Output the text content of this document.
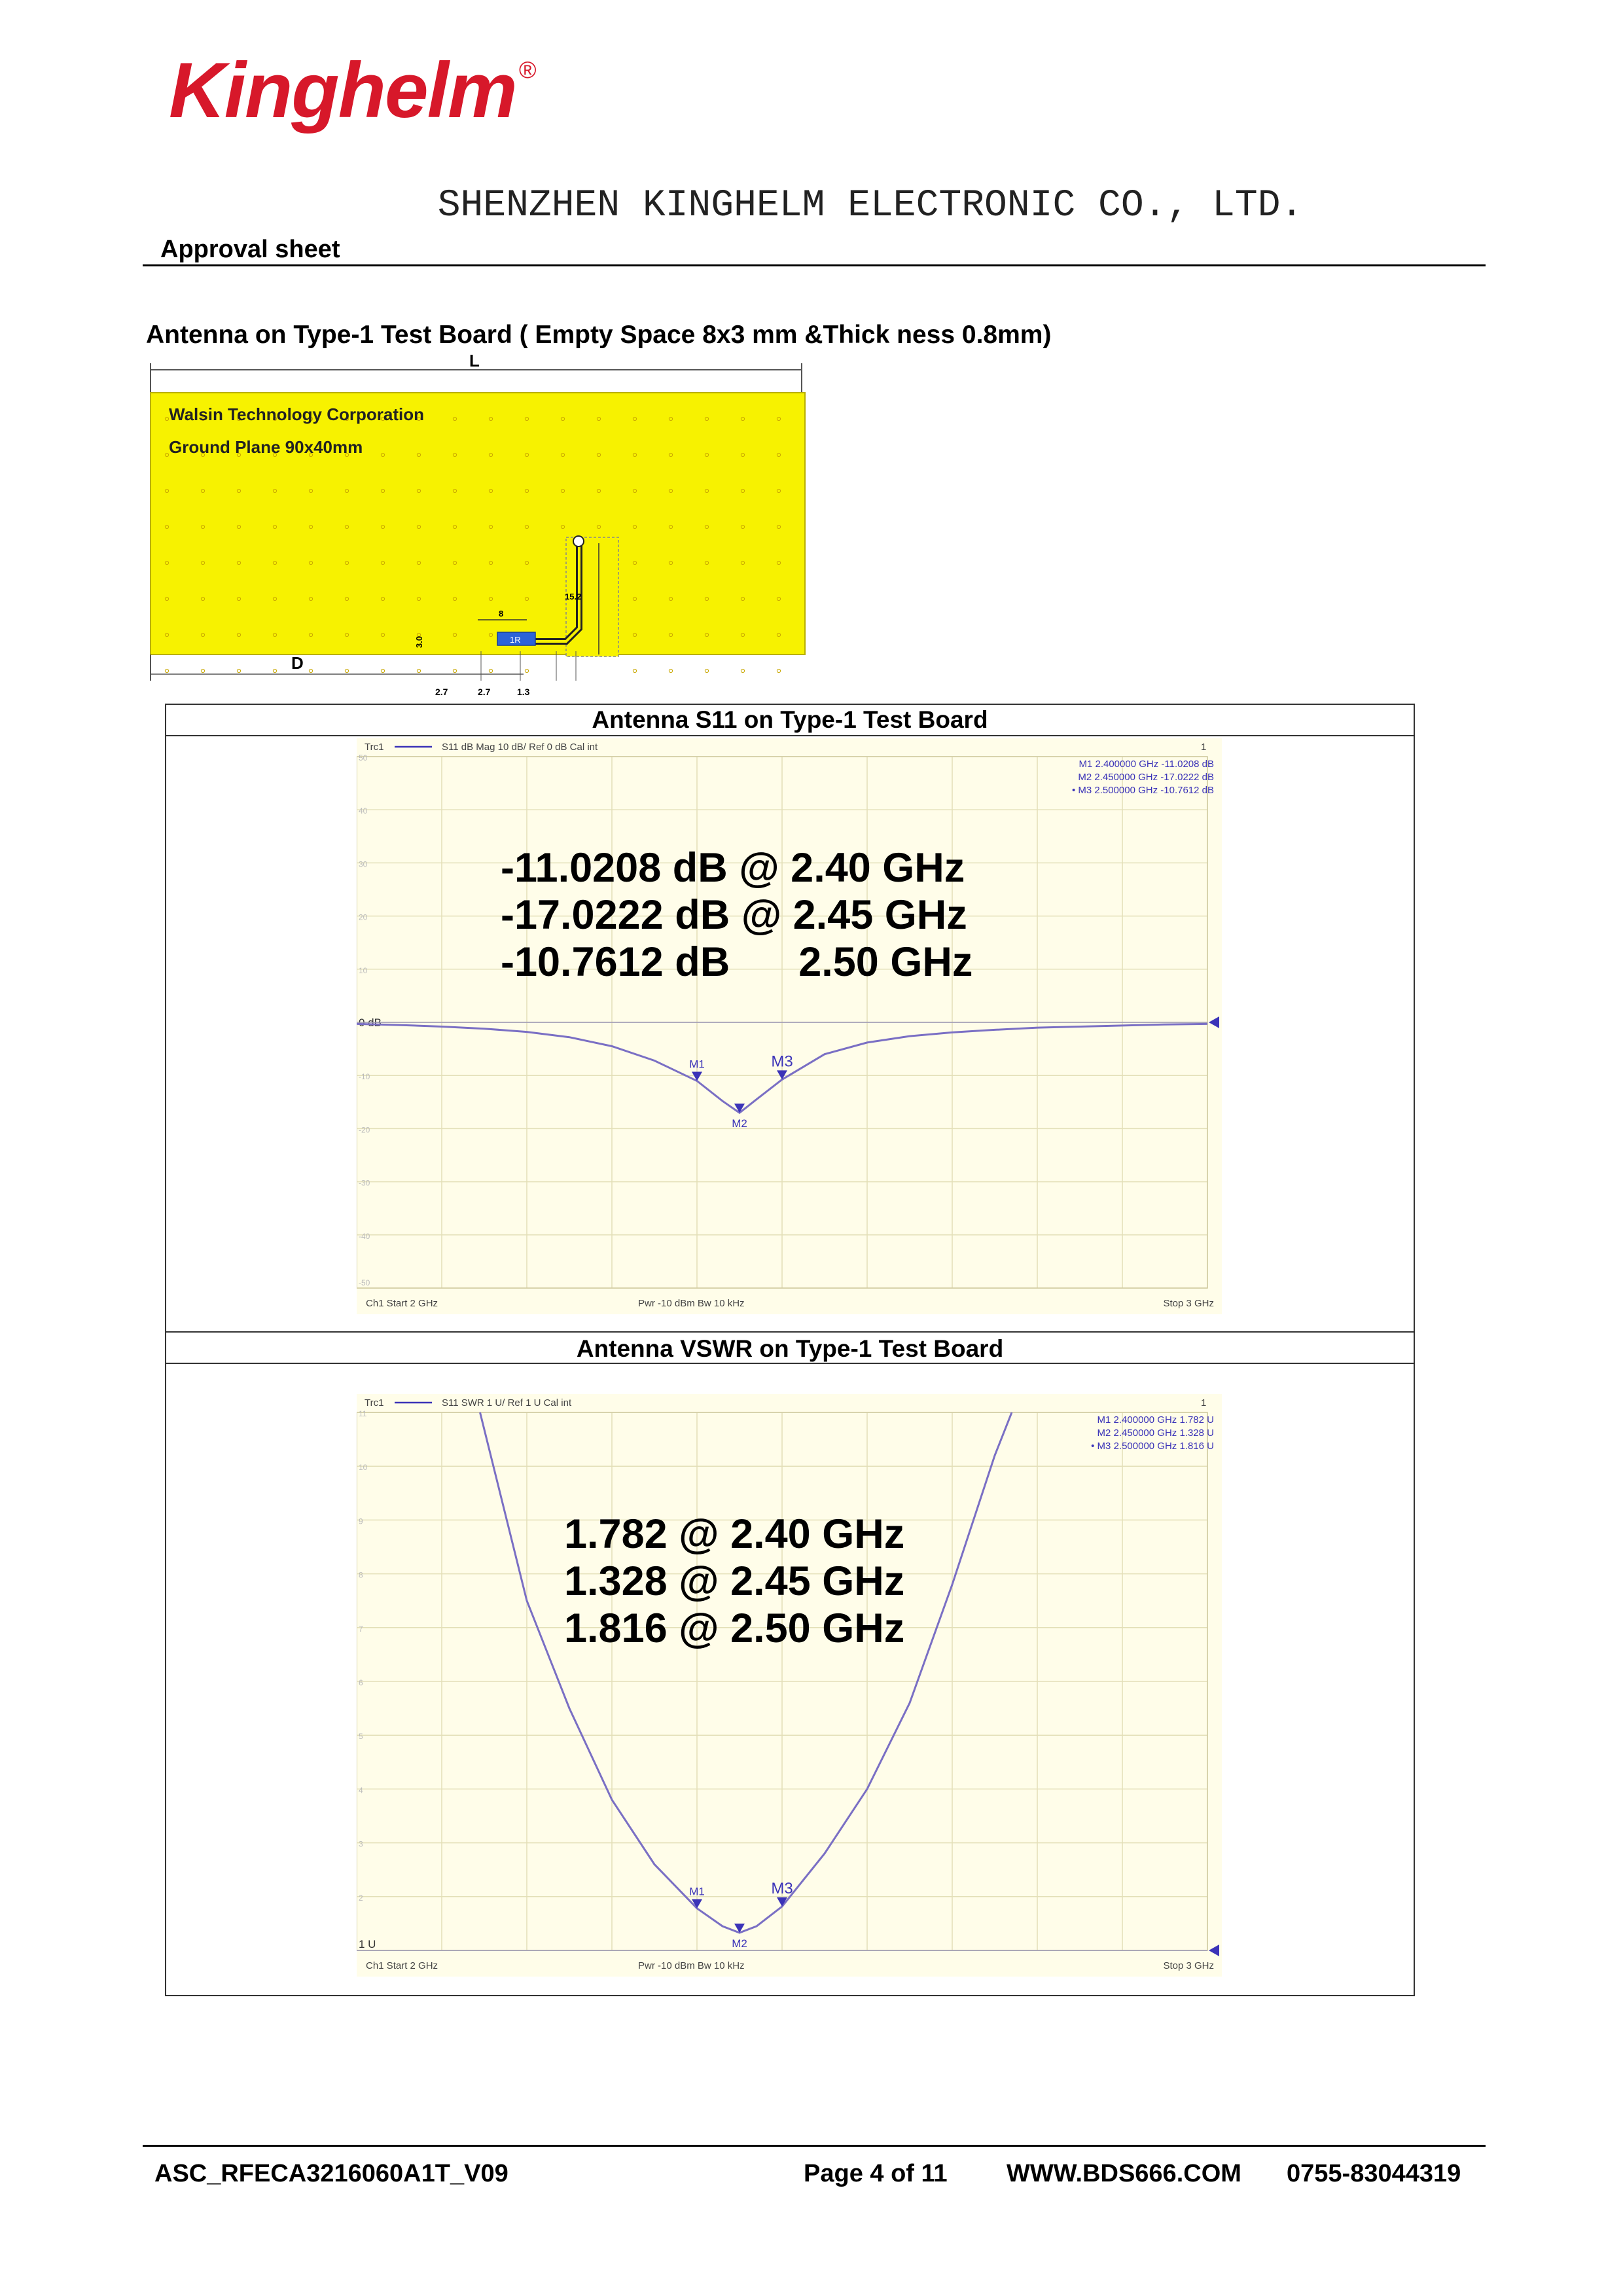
Kinghelm ®
SHENZHEN KINGHELM ELECTRONIC CO., LTD.
Approval sheet
Antenna on Type-1 Test Board ( Empty Space 8x3 mm &Thick ness 0.8mm)
L
Walsin Technology Corporation
Ground Plane 90x40mm
1R
8
15.2
3.0
D
2.7	2.7	1.3
Antenna S11 on Type-1 Test Board
Antenna VSWR on Type-1 Test Board
50
40
30
20
10
0 dB
-10
-20
-30
-40
-50
Trc1	S11 dB Mag 10 dB/ Ref 0 dB Cal int	1
M1 2.400000 GHz -11.0208 dB
M2 2.450000 GHz -17.0222 dB
• M3 2.500000 GHz -10.7612 dB
Ch1 Start 2 GHz	Pwr -10 dBm Bw 10 kHz	Stop 3 GHz
M1
M2
M3
-11.0208 dB @ 2.40 GHz
-17.0222 dB @ 2.45 GHz
-10.7612 dB      2.50 GHz
11
10
9
8
7
6
5
4
3
2
1 U
Trc1	S11 SWR 1 U/ Ref 1 U Cal int	1
M1 2.400000 GHz 1.782 U
M2 2.450000 GHz 1.328 U
• M3 2.500000 GHz 1.816 U
Ch1 Start 2 GHz	Pwr -10 dBm Bw 10 kHz	Stop 3 GHz
M1
M2
M3
1.782 @ 2.40 GHz
1.328 @ 2.45 GHz
1.816 @ 2.50 GHz
ASC_RFECA3216060A1T_V09	Page 4 of 11 WWW.BDS666.COM 0755-83044319
